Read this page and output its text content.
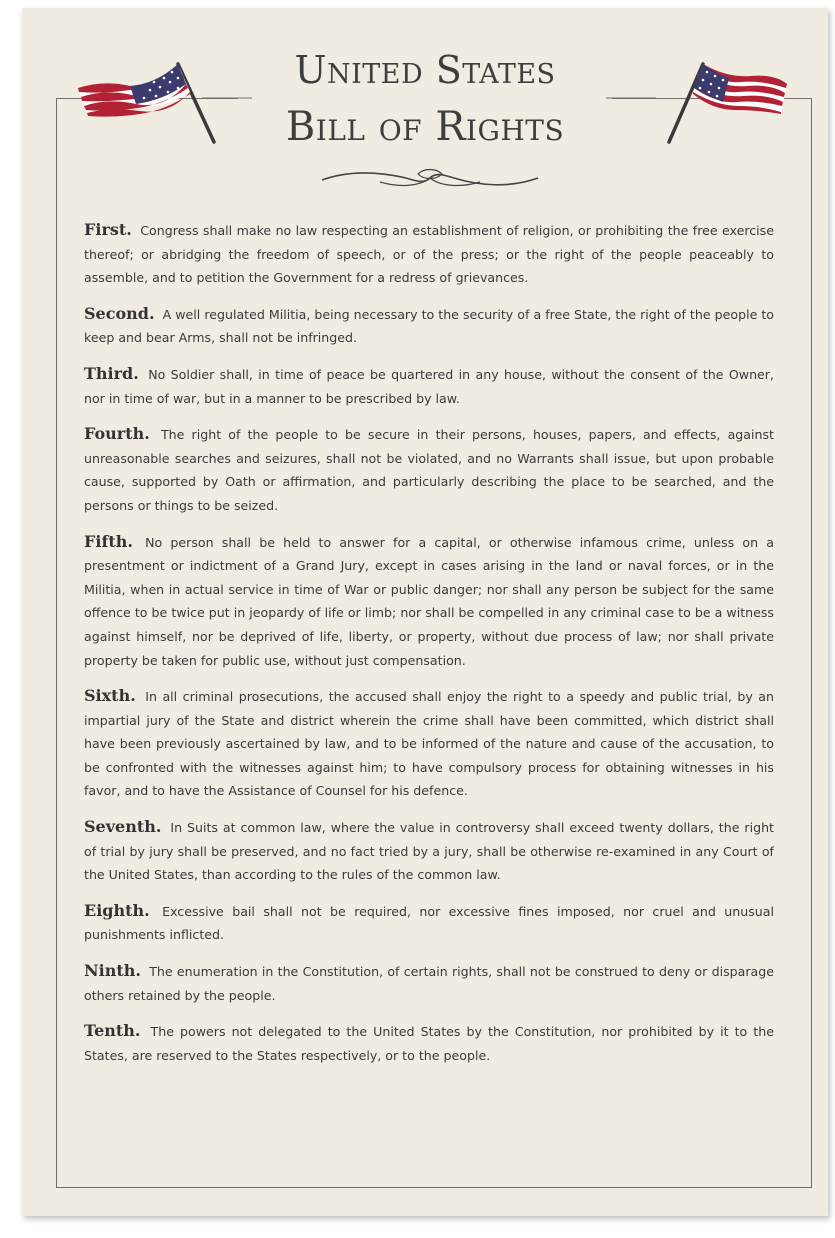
United States
Bill of Rights

First. Congress shall make no law respecting an establishment of religion, or prohibiting the free exercise thereof; or abridging the freedom of speech, or of the press; or the right of the people peaceably to assemble, and to petition the Government for a redress of grievances.

Second. A well regulated Militia, being necessary to the security of a free State, the right of the people to keep and bear Arms, shall not be infringed.

Third. No Soldier shall, in time of peace be quartered in any house, without the consent of the Owner, nor in time of war, but in a manner to be prescribed by law.

Fourth. The right of the people to be secure in their persons, houses, papers, and effects, against unreasonable searches and seizures, shall not be violated, and no Warrants shall issue, but upon probable cause, supported by Oath or affirmation, and particularly describing the place to be searched, and the persons or things to be seized.

Fifth. No person shall be held to answer for a capital, or otherwise infamous crime, unless on a presentment or indictment of a Grand Jury, except in cases arising in the land or naval forces, or in the Militia, when in actual service in time of War or public danger; nor shall any person be subject for the same offence to be twice put in jeopardy of life or limb; nor shall be compelled in any criminal case to be a witness against himself, nor be deprived of life, liberty, or property, without due process of law; nor shall private property be taken for public use, without just compensation.

Sixth. In all criminal prosecutions, the accused shall enjoy the right to a speedy and public trial, by an impartial jury of the State and district wherein the crime shall have been committed, which district shall have been previously ascertained by law, and to be informed of the nature and cause of the accusation, to be confronted with the witnesses against him; to have compulsory process for obtaining witnesses in his favor, and to have the Assistance of Counsel for his defence.

Seventh. In Suits at common law, where the value in controversy shall exceed twenty dollars, the right of trial by jury shall be preserved, and no fact tried by a jury, shall be otherwise re-examined in any Court of the United States, than according to the rules of the common law.

Eighth. Excessive bail shall not be required, nor excessive fines imposed, nor cruel and unusual punishments inflicted.

Ninth. The enumeration in the Constitution, of certain rights, shall not be construed to deny or disparage others retained by the people.

Tenth. The powers not delegated to the United States by the Constitution, nor prohibited by it to the States, are reserved to the States respectively, or to the people.
